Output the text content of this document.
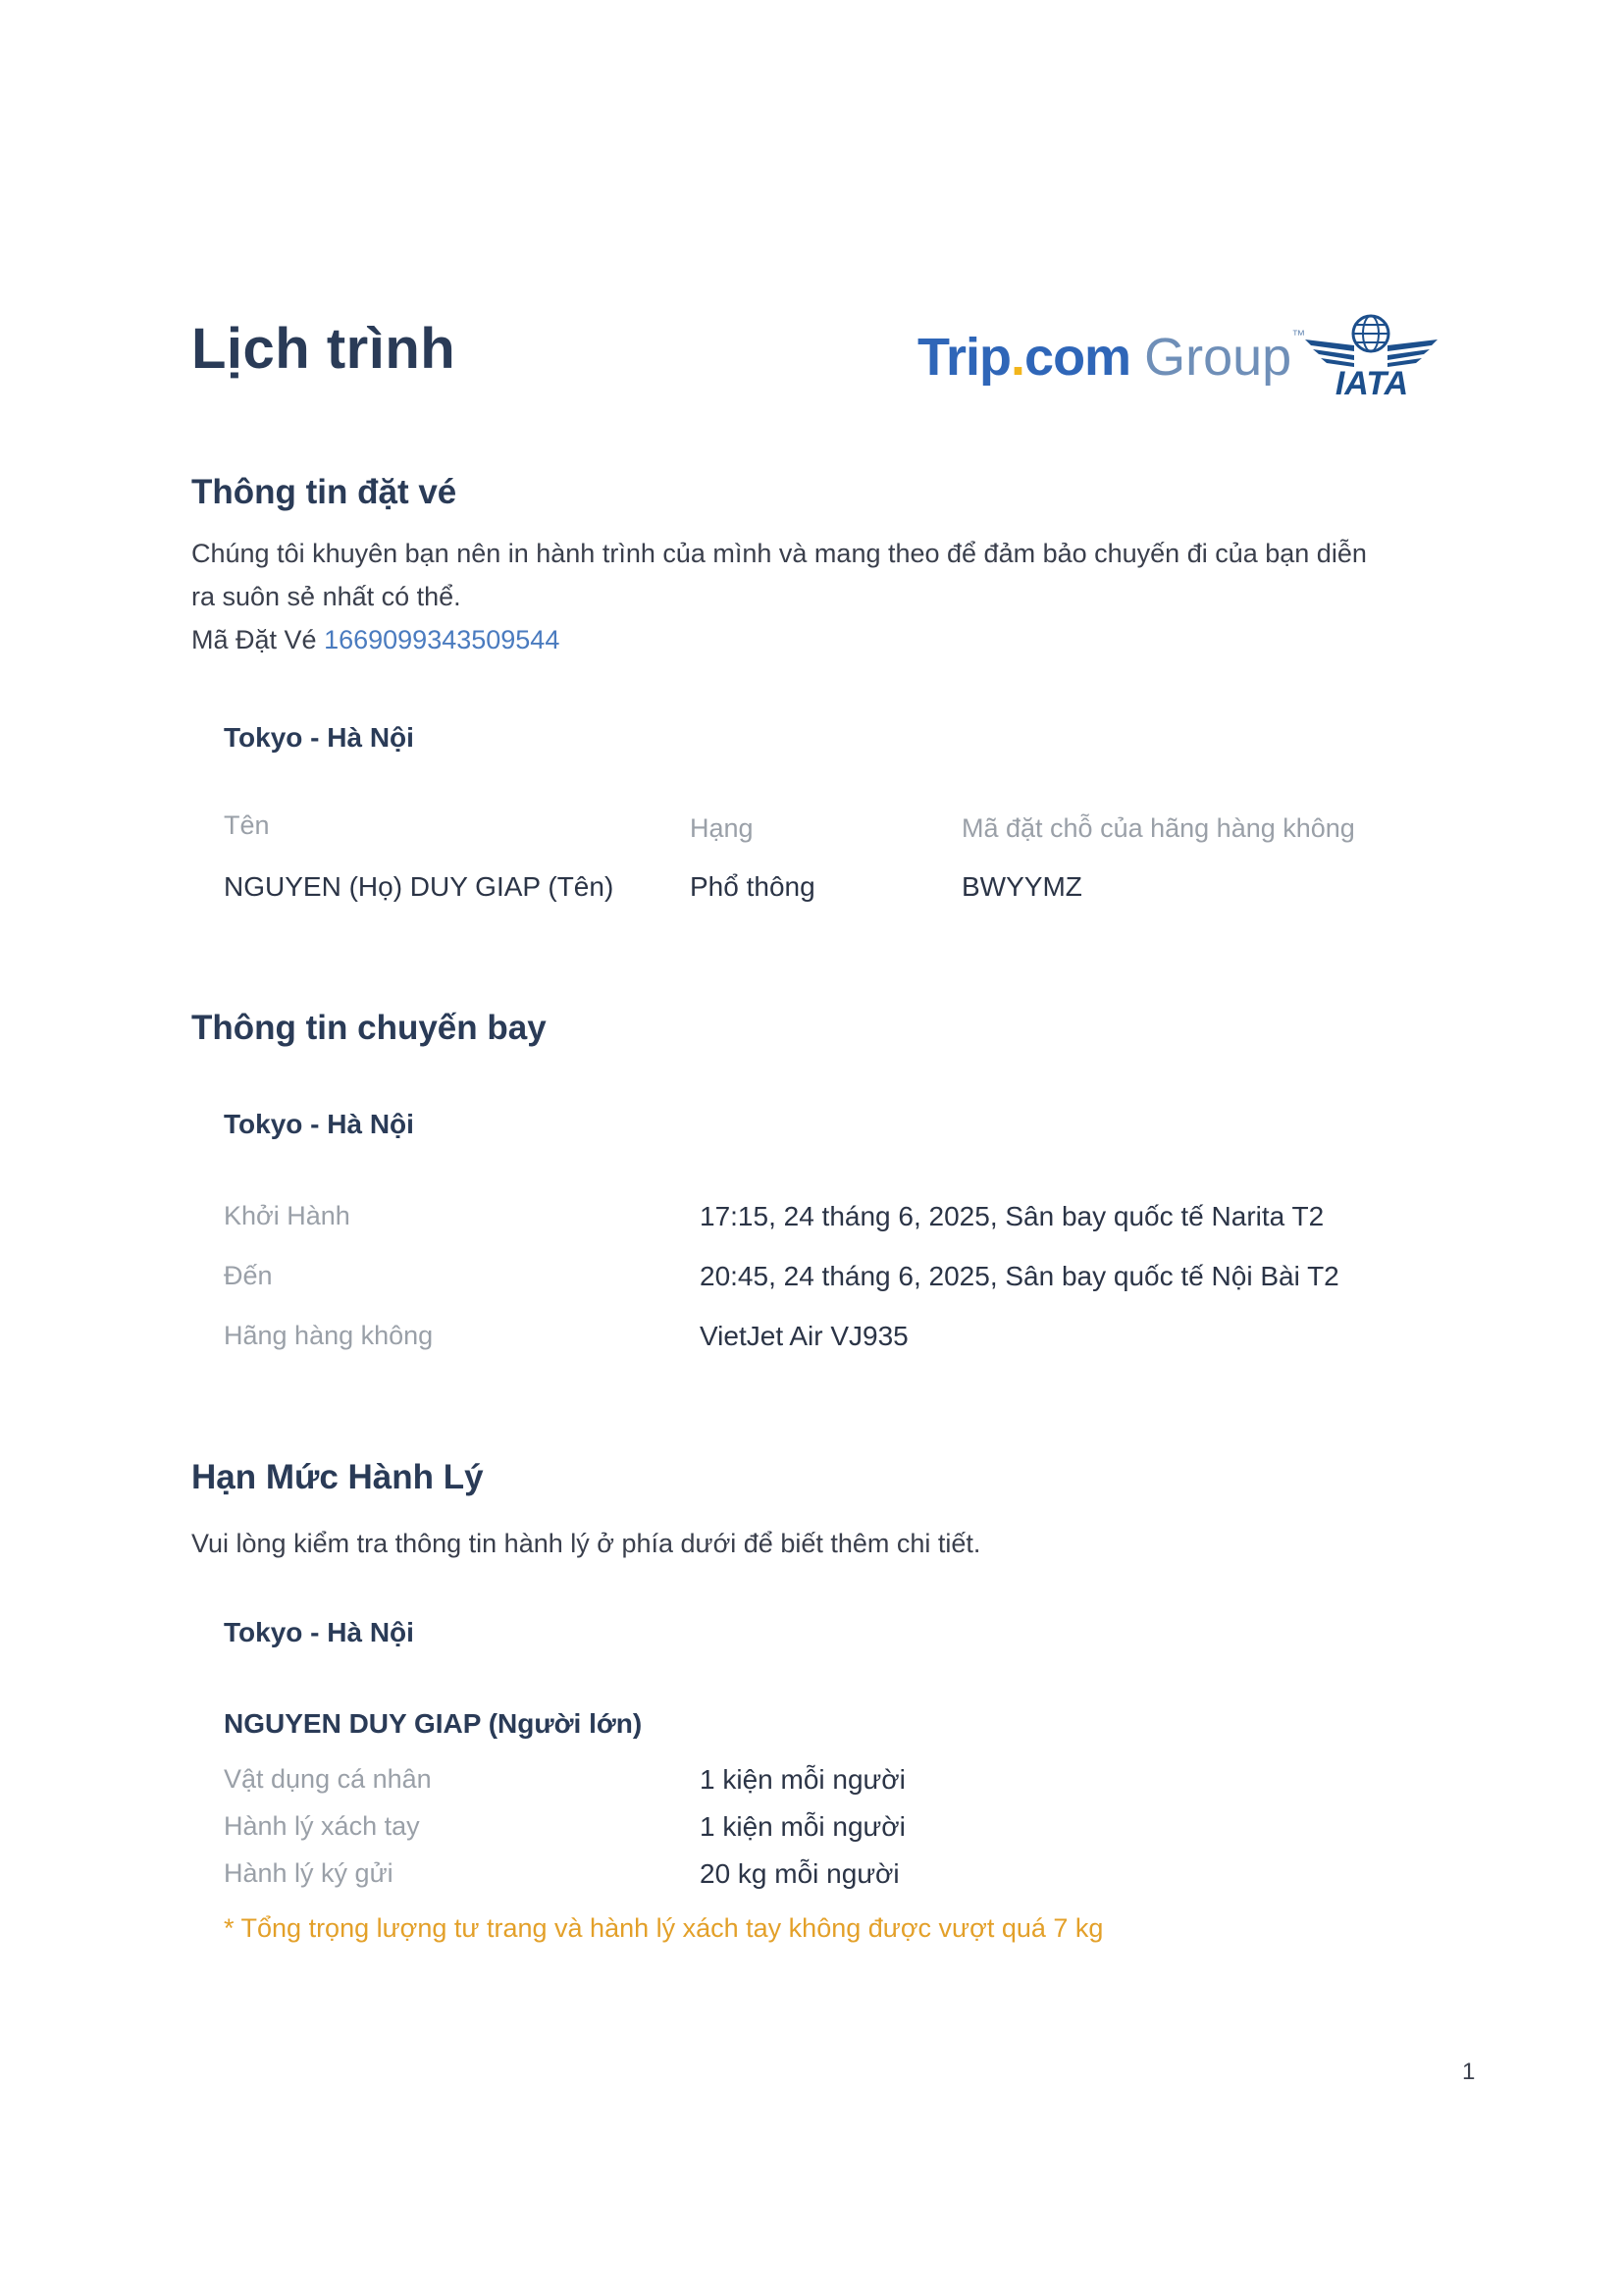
Lịch trình	Trip.com Group™
IATA
Thông tin đặt vé
Chúng tôi khuyên bạn nên in hành trình của mình và mang theo để đảm bảo chuyến đi của bạn diễn
ra suôn sẻ nhất có thể.
Mã Đặt Vé 1669099343509544
Tokyo - Hà Nội
Tên	Hạng	Mã đặt chỗ của hãng hàng không
NGUYEN (Họ) DUY GIAP (Tên)	Phổ thông	BWYYMZ
Thông tin chuyến bay
Tokyo - Hà Nội
Khởi Hành	17:15, 24 tháng 6, 2025, Sân bay quốc tế Narita T2
Đến	20:45, 24 tháng 6, 2025, Sân bay quốc tế Nội Bài T2
Hãng hàng không	VietJet Air VJ935
Hạn Mức Hành Lý
Vui lòng kiểm tra thông tin hành lý ở phía dưới để biết thêm chi tiết.
Tokyo - Hà Nội
NGUYEN DUY GIAP (Người lớn)
Vật dụng cá nhân	1 kiện mỗi người
Hành lý xách tay	1 kiện mỗi người
Hành lý ký gửi	20 kg mỗi người
* Tổng trọng lượng tư trang và hành lý xách tay không được vượt quá 7 kg
1
